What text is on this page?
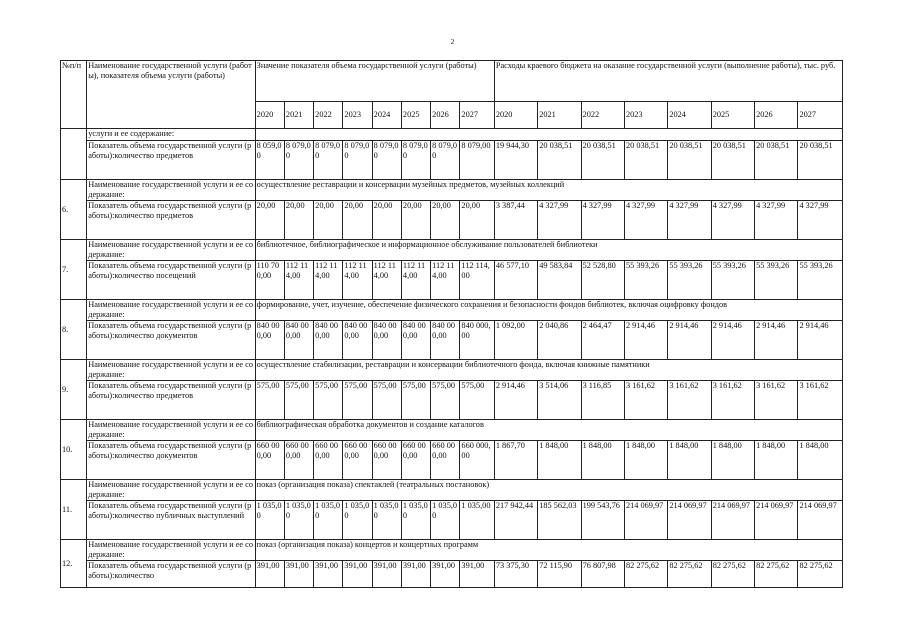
2
№п/п	Наименование государственной услуги (работы), показателя объема услуги (работы)	Значение показателя объема государственной услуги (работы)								Расходы краевого бюджета на оказание государственной услуги (выполнение работы), тыс. руб.							
		2020	2021	2022	2023	2024	2025	2026	2027	2020	2021	2022	2023	2024	2025	2026	2027
	услуги и ее содержание:																
	Показатель объема государственной услуги (работы):количество предметов	8 059,00	8 079,00	8 079,00	8 079,00	8 079,00	8 079,00	8 079,00	8 079,00	19 944,30	20 038,51	20 038,51	20 038,51	20 038,51	20 038,51	20 038,51	20 038,51
6.	Наименование государственной услуги и ее содержание:	осуществление реставрации и консервации музейных предметов, музейных коллекций															
	Показатель объема государственной услуги (работы):количество предметов	20,00	20,00	20,00	20,00	20,00	20,00	20,00	20,00	3 387,44	4 327,99	4 327,99	4 327,99	4 327,99	4 327,99	4 327,99	4 327,99
7.	Наименование государственной услуги и ее содержание:	библиотечное, библиографическое и информационное обслуживание пользователей библиотеки															
	Показатель объема государственной услуги (работы):количество посещений	110 700,00	112 114,00	112 114,00	112 114,00	112 114,00	112 114,00	112 114,00	112 114,00	46 577,10	49 583,84	52 528,80	55 393,26	55 393,26	55 393,26	55 393,26	55 393,26
8.	Наименование государственной услуги и ее содержание:	формирование, учет, изучение, обеспечение физического сохранения и безопасности фондов библиотек, включая оцифровку фондов															
	Показатель объема государственной услуги (работы):количество документов	840 000,00	840 000,00	840 000,00	840 000,00	840 000,00	840 000,00	840 000,00	840 000,00	1 092,00	2 040,86	2 464,47	2 914,46	2 914,46	2 914,46	2 914,46	2 914,46
9.	Наименование государственной услуги и ее содержание:	осуществление стабилизации, реставрации и консервации библиотечного фонда, включая книжные памятники															
	Показатель объема государственной услуги (работы):количество предметов	575,00	575,00	575,00	575,00	575,00	575,00	575,00	575,00	2 914,46	3 514,06	3 116,85	3 161,62	3 161,62	3 161,62	3 161,62	3 161,62
10.	Наименование государственной услуги и ее содержание:	библиографическая обработка документов и создание каталогов															
	Показатель объема государственной услуги (работы):количество документов	660 000,00	660 000,00	660 000,00	660 000,00	660 000,00	660 000,00	660 000,00	660 000,00	1 867,70	1 848,00	1 848,00	1 848,00	1 848,00	1 848,00	1 848,00	1 848,00
11.	Наименование государственной услуги и ее содержание:	показ (организация показа) спектаклей (театральных постановок)															
	Показатель объема государственной услуги (работы):количество публичных выступлений	1 035,00	1 035,00	1 035,00	1 035,00	1 035,00	1 035,00	1 035,00	1 035,00	217 942,44	185 562,03	199 543,76	214 069,97	214 069,97	214 069,97	214 069,97	214 069,97
12.	Наименование государственной услуги и ее содержание:	показ (организация показа) концертов и концертных программ															
	Показатель объема государственной услуги (работы):количество	391,00	391,00	391,00	391,00	391,00	391,00	391,00	391,00	73 375,30	72 115,90	76 807,98	82 275,62	82 275,62	82 275,62	82 275,62	82 275,62
